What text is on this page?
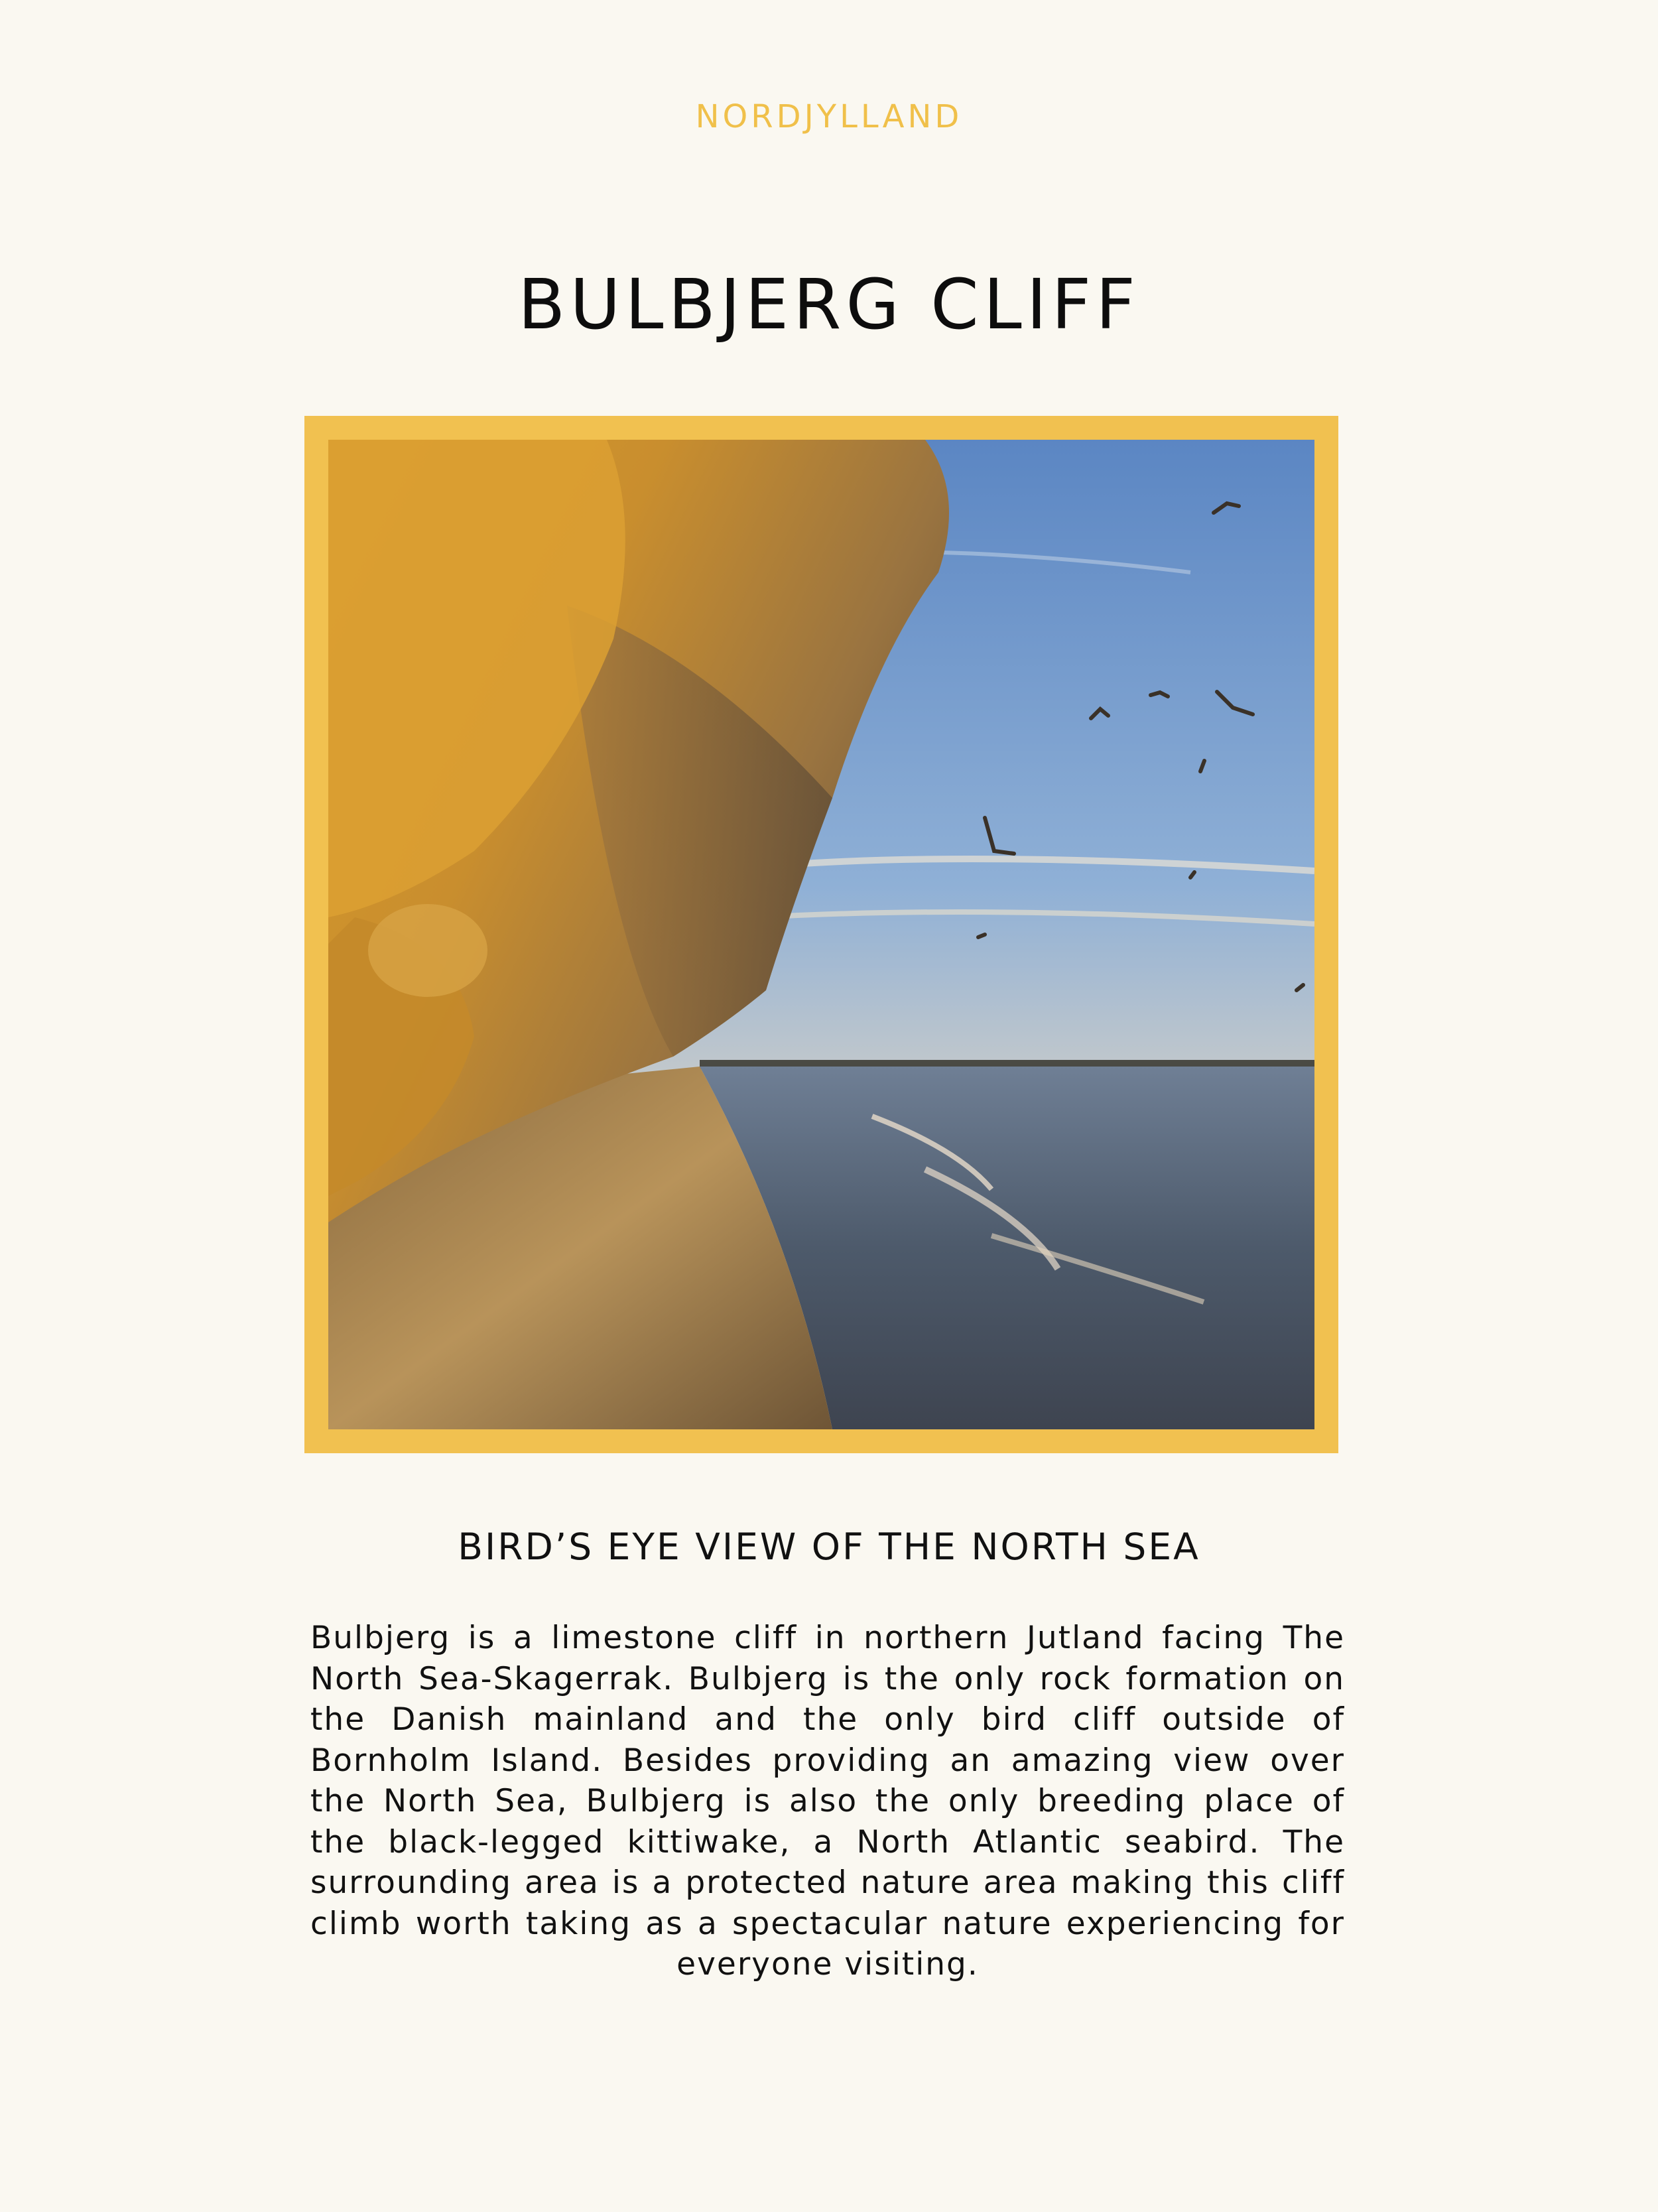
NORDJYLLAND
BULBJERG CLIFF
BIRD’S EYE VIEW OF THE NORTH SEA

Bulbjerg is a limestone cliff in northern Jutland facing The North Sea-Skagerrak. Bulbjerg is the only rock formation on the Danish mainland and the only bird cliff outside of Bornholm Island. Besides providing an amazing view over the North Sea, Bulbjerg is also the only breeding place of the black-legged kittiwake, a North Atlantic seabird. The surrounding area is a protected nature area making this cliff climb worth taking as a spectacular nature experiencing for everyone visiting.
